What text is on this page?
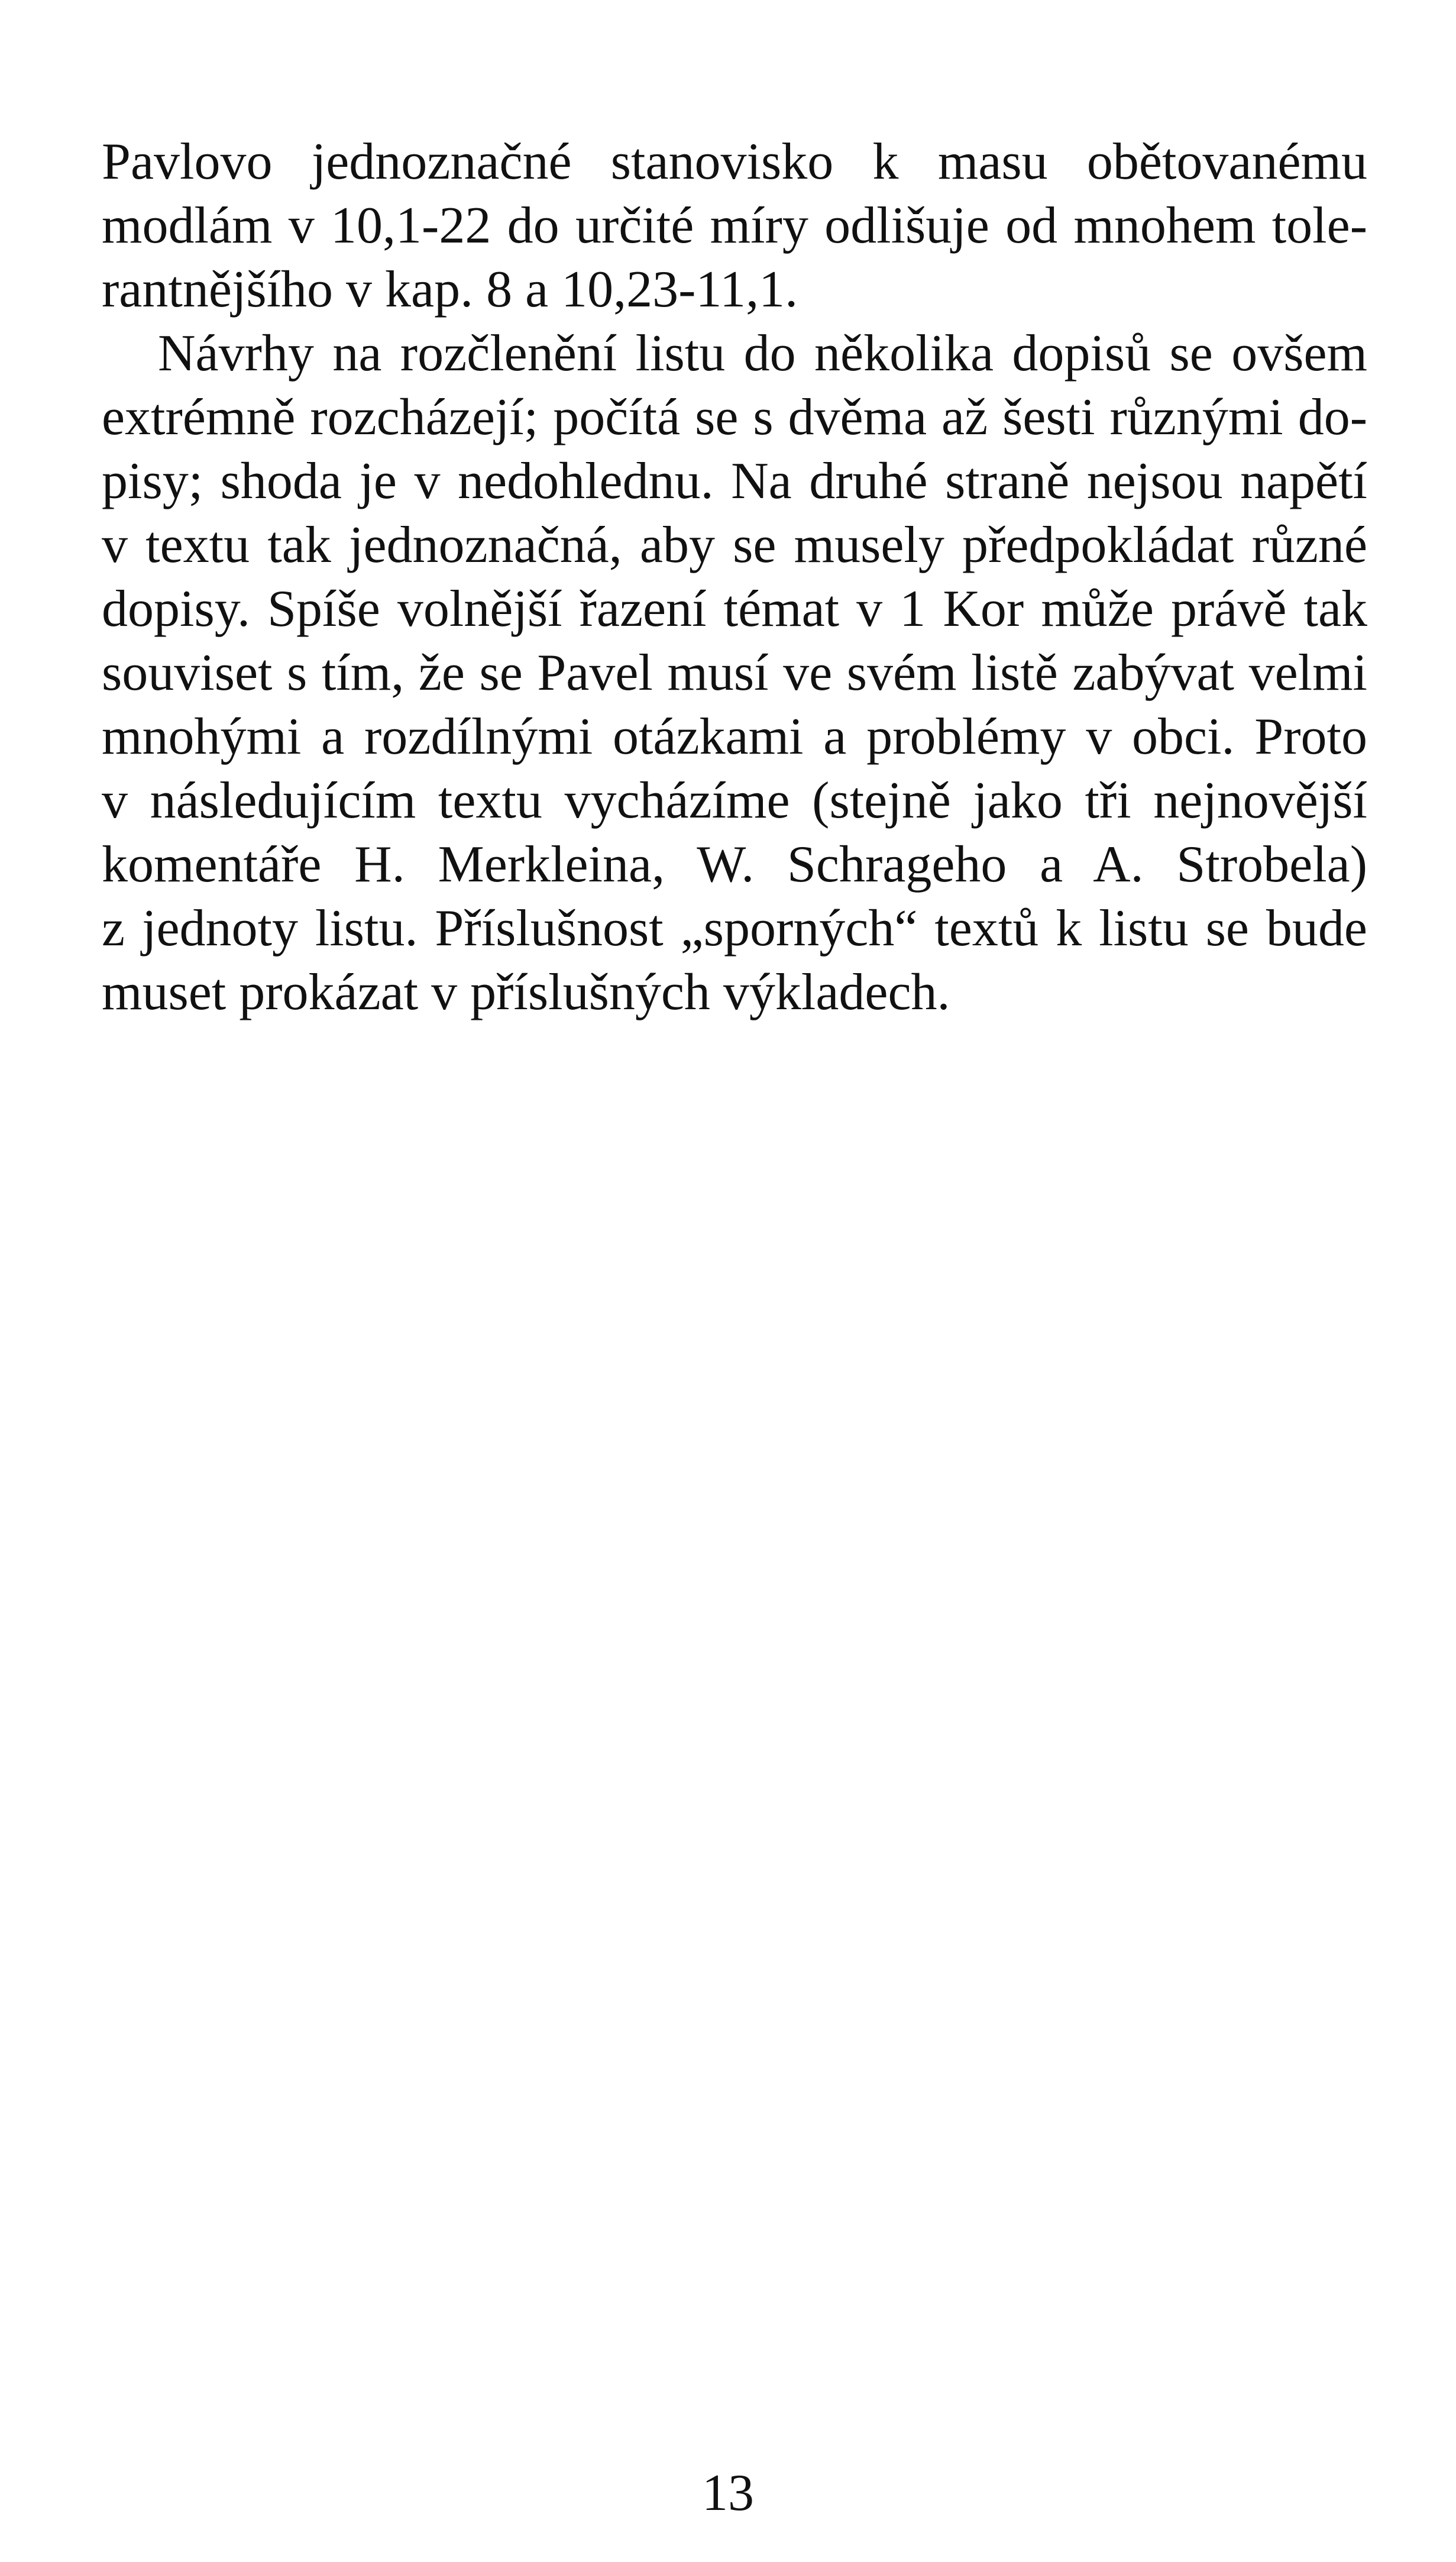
Pavlovo jednoznačné stanovisko k masu obětovanému
modlám v 10,1-22 do určité míry odlišuje od mnohem tole-
rantnějšího v kap. 8 a 10,23-11,1.
Návrhy na rozčlenění listu do několika dopisů se ovšem
extrémně rozcházejí; počítá se s dvěma až šesti různými do-
pisy; shoda je v nedohlednu. Na druhé straně nejsou napětí
v textu tak jednoznačná, aby se musely předpokládat různé
dopisy. Spíše volnější řazení témat v 1 Kor může právě tak
souviset s tím, že se Pavel musí ve svém listě zabývat velmi
mnohými a rozdílnými otázkami a problémy v obci. Proto
v následujícím textu vycházíme (stejně jako tři nejnovější
komentáře H. Merkleina, W. Schrageho a A. Strobela)
z jednoty listu. Příslušnost „sporných“ textů k listu se bude
muset prokázat v příslušných výkladech.
13
